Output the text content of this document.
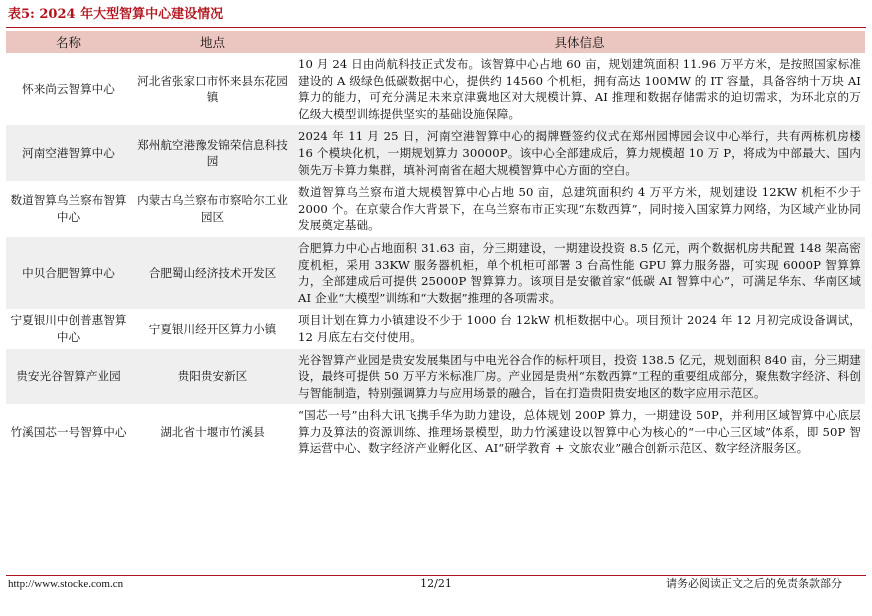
表5: 2024 年大型智算中心建设情况
名称	地点	具体信息
怀来尚云智算中心	河北省张家口市怀来县东花园镇	10 月 24 日由尚航科技正式发布。该智算中心占地 60 亩，规划建筑面积 11.96 万平方米，是按照国家标准建设的 A 级绿色低碳数据中心，提供约 14560 个机柜，拥有高达 100MW 的 IT 容量，具备容纳十万块 AI 算力的能力，可充分满足未来京津冀地区对大规模计算、AI 推理和数据存储需求的迫切需求，为环北京的万亿级大模型训练提供坚实的基础设施保障。
河南空港智算中心	郑州航空港豫发锦荣信息科技园	2024 年 11 月 25 日，河南空港智算中心的揭牌暨签约仪式在郑州园博园会议中心举行，共有两栋机房楼 16 个模块化机，一期规划算力 30000P。该中心全部建成后，算力规模超 10 万 P，将成为中部最大、国内领先万卡算力集群，填补河南省在超大规模智算中心方面的空白。
数道智算乌兰察布智算中心	内蒙古乌兰察布市察哈尔工业园区	数道智算乌兰察布道大规模智算中心占地 50 亩，总建筑面积约 4 万平方米，规划建设 12KW 机柜不少于 2000 个。在京蒙合作大背景下，在乌兰察布市正实现“东数西算”，同时接入国家算力网络，为区域产业协同发展奠定基础。
中贝合肥智算中心	合肥蜀山经济技术开发区	合肥算力中心占地面积 31.63 亩，分三期建设，一期建设投资 8.5 亿元，两个数据机房共配置 148 架高密度机柜，采用 33KW 服务器机柜，单个机柜可部署 3 台高性能 GPU 算力服务器，可实现 6000P 智算算力，全部建成后可提供 25000P 智算算力。该项目是安徽首家“低碳 AI 智算中心”，可满足华东、华南区域 AI 企业“大模型”训练和“大数据”推理的各项需求。
宁夏银川中创普惠智算中心	宁夏银川经开区算力小镇	项目计划在算力小镇建设不少于 1000 台 12kW 机柜数据中心。项目预计 2024 年 12 月初完成设备调试，12 月底左右交付使用。
贵安光谷智算产业园	贵阳贵安新区	光谷智算产业园是贵安发展集团与中电光谷合作的标杆项目，投资 138.5 亿元，规划面积 840 亩，分三期建设，最终可提供 50 万平方米标准厂房。产业园是贵州“东数西算”工程的重要组成部分，聚焦数字经济、科创与智能制造，特别强调算力与应用场景的融合，旨在打造贵阳贵安地区的数字应用示范区。
竹溪国芯一号智算中心	湖北省十堰市竹溪县	“国芯一号”由科大讯飞携手华为助力建设，总体规划 200P 算力，一期建设 50P，并利用区域智算中心底层算力及算法的资源训练、推理场景模型，助力竹溪建设以智算中心为核心的“一中心三区域”体系，即 50P 智算运营中心、数字经济产业孵化区、AI“研学教育 + 文旅农业”融合创新示范区、数字经济服务区。
http://www.stocke.com.cn	12/21	请务必阅读正文之后的免责条款部分
